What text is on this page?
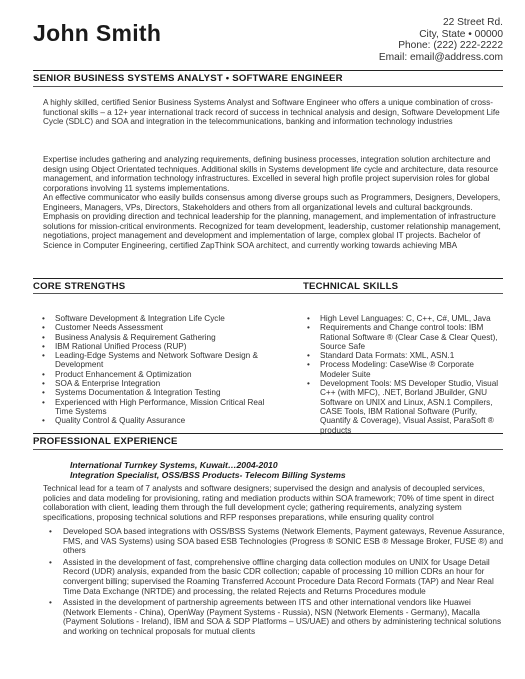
John Smith	22 Street Rd.
City, State • 00000
Phone: (222) 222-2222
Email: email@address.com
SENIOR BUSINESS SYSTEMS ANALYST • SOFTWARE ENGINEER
A highly skilled, certified Senior Business Systems Analyst and Software Engineer who offers a unique combination of cross-functional skills – a 12+ year international track record of success in technical analysis and design, Software Development Life Cycle (SDLC) and SOA and integration in the telecommunications, banking and information technology industries
Expertise includes gathering and analyzing requirements, defining business processes, integration solution architecture and design using Object Orientated techniques. Additional skills in Systems development life cycle and architecture, data resource management, and information technology infrastructures. Excelled in several high profile project supervision roles for global corporations involving 11 systems implementations.
An effective communicator who easily builds consensus among diverse groups such as Programmers, Designers, Developers, Engineers, Managers, VPs, Directors, Stakeholders and others from all organizational levels and cultural backgrounds. Emphasis on providing direction and technical leadership for the planning, management, and implementation of infrastructure solutions for mission-critical environments. Recognized for team development, leadership, customer relationship management, negotiations, project management and development and implementation of large, complex global IT projects. Bachelor of Science in Computer Engineering, certified ZapThink SOA architect, and currently working towards achieving MBA
CORE STRENGTHS	TECHNICAL SKILLS
• Software Development & Integration Life Cycle
• Customer Needs Assessment
• Business Analysis & Requirement Gathering
• IBM Rational Unified Process (RUP)
• Leading-Edge Systems and Network Software Design & Development
• Product Enhancement & Optimization
• SOA & Enterprise Integration
• Systems Documentation & Integration Testing
• Experienced with High Performance, Mission Critical Real Time Systems
• Quality Control & Quality Assurance
• High Level Languages: C, C++, C#, UML, Java
• Requirements and Change control tools: IBM Rational Software ® (Clear Case & Clear Quest), Source Safe
• Standard Data Formats: XML, ASN.1
• Process Modeling: CaseWise ® Corporate Modeler Suite
• Development Tools: MS Developer Studio, Visual C++ (with MFC), .NET, Borland JBuilder, GNU Software on UNIX and Linux, ASN.1 Compilers, CASE Tools, IBM Rational Software (Purify, Quantify & Coverage), Visual Assist, ParaSoft ® products
PROFESSIONAL EXPERIENCE
International Turnkey Systems, Kuwait…2004-2010
Integration Specialist, OSS/BSS Products- Telecom Billing Systems
Technical lead for a team of 7 analysts and software designers; supervised the design and analysis of decoupled services, policies and data modeling for provisioning, rating and mediation products within SOA framework; 70% of time spent in direct collaboration with client, leading them through the full development cycle; gathering requirements, analyzing system specifications, proposing technical solutions and RFP responses preparations, while ensuring quality control
• Developed SOA based integrations with OSS/BSS Systems (Network Elements, Payment gateways, Revenue Assurance, FMS, and VAS Systems) using SOA based ESB Technologies (Progress ® SONIC ESB ® Message Broker, FUSE ®) and others
• Assisted in the development of fast, comprehensive offline charging data collection modules on UNIX for Usage Detail Record (UDR) analysis, expanded from the basic CDR collection; capable of processing 10 million CDRs an hour for convergent billing; supervised the Roaming Transferred Account Procedure Data Record Formats (TAP) and Near Real Time Data Exchange (NRTDE) and processing, the related Rejects and Returns Procedures module
• Assisted in the development of partnership agreements between ITS and other international vendors like Huawei (Network Elements - China), OpenWay (Payment Systems - Russia), NSN (Network Elements - Germany), Macalla (Payment Solutions - Ireland), IBM and SOA & SDP Platforms – US/UAE) and others by administering technical solutions and working on technical proposals for mutual clients
